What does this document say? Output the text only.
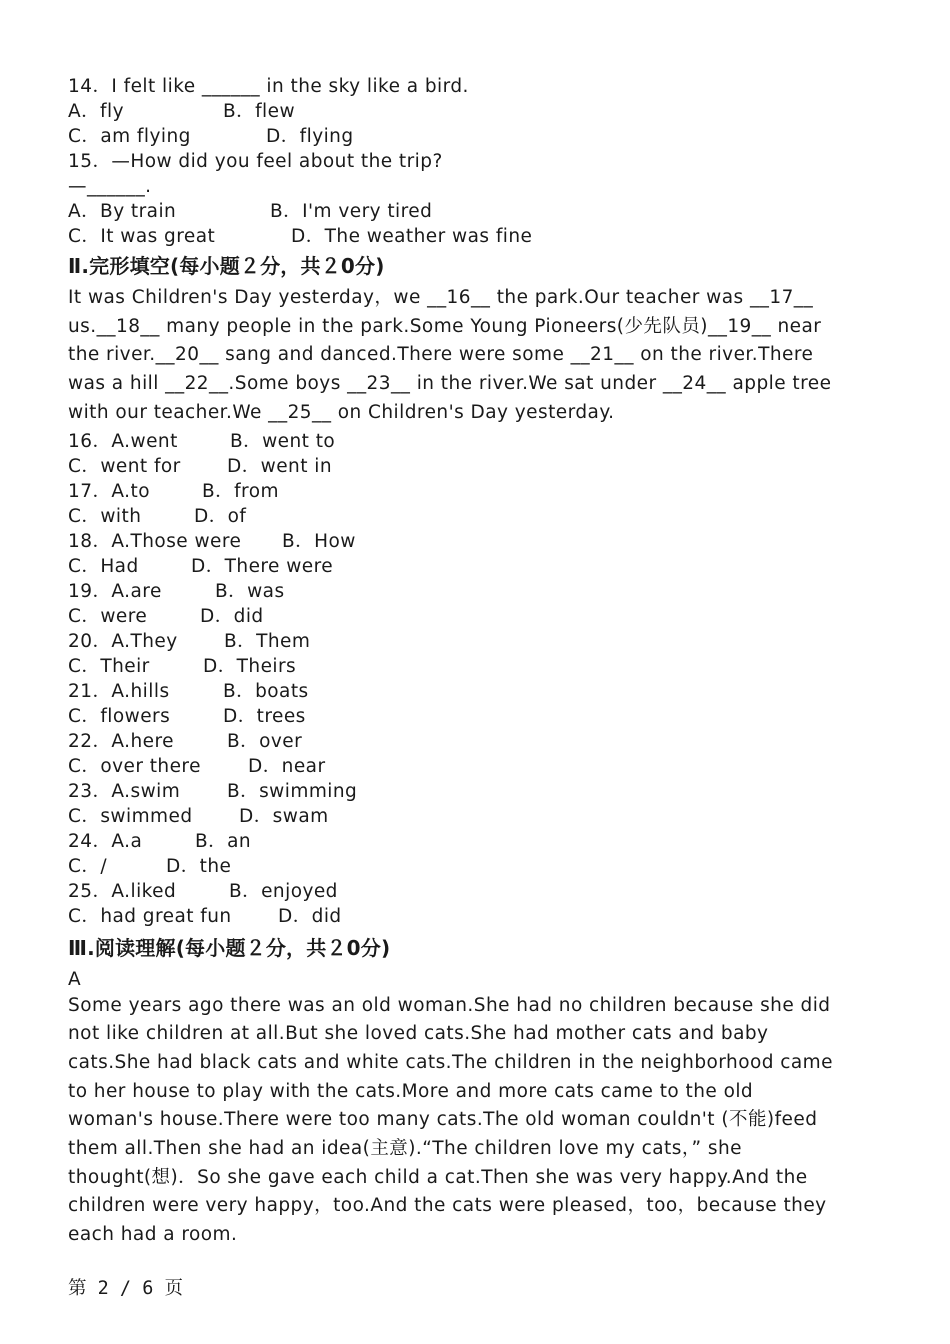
14．I felt like ______ in the sky like a bird.
A．fly	B．flew
C．am flying	D．flying
15．—How did you feel about the trip?
—______.
A．By train	B．I'm very tired
C．It was great	D．The weather was fine
Ⅱ.完形填空(每小题２分，共２0分)

It was Children's Day yesterday，we __16__ the park.Our teacher was __17__ us.__18__ many people in the park.Some Young Pioneers(少先队员)__19__ near the river.__20__ sang and danced.There were some __21__ on the river.There was a hill __22__.Some boys __23__ in the river.We sat under __24__ apple tree with our teacher.We __25__ on Children's Day yesterday.

16．A.went	B．went to
C．went for	D．went in
17．A.to	B．from
C．with	D．of
18．A.Those were B．How
C．Had	D．There were
19．A.are	B．was
C．were	D．did
20．A.They	B．Them
C．Their	D．Theirs
21．A.hills	B．boats
C．flowers	D．trees
22．A.here	B．over
C．over there	D．near
23．A.swim	B．swimming
C．swimmed	D．swam
24．A.a	B．an
C．/	D．the
25．A.liked	B．enjoyed
C．had great fun	D．did
Ⅲ.阅读理解(每小题２分，共２0分)
A

Some years ago there was an old woman.She had no children because she did not like children at all.But she loved cats.She had mother cats and baby cats.She had black cats and white cats.The children in the neighborhood came to her house to play with the cats.More and more cats came to the old woman's house.There were too many cats.The old woman couldn't (不能)feed them all.Then she had an idea(主意).“The children love my cats，” she thought(想)．So she gave each child a cat.Then she was very happy.And the children were very happy，too.And the cats were pleased，too，because they each had a room.

第 2 / 6 页
